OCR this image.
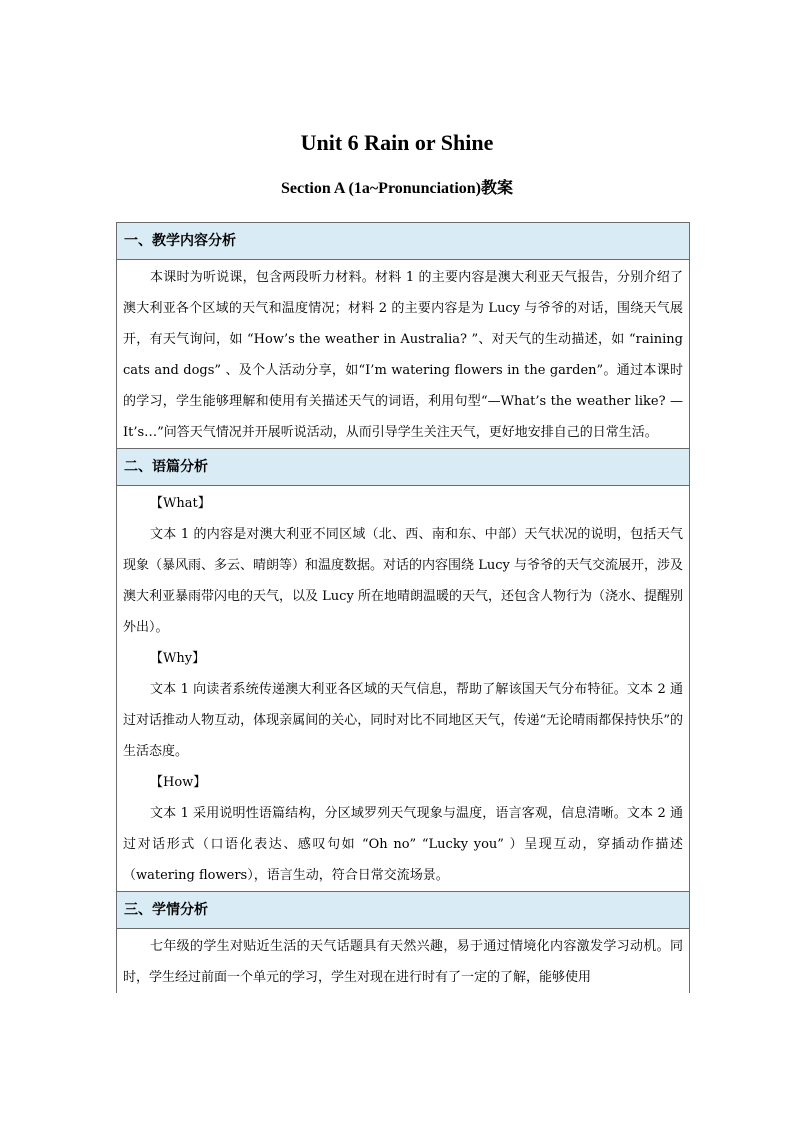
Unit 6 Rain or Shine
Section A (1a~Pronunciation)教案
一、教学内容分析

本课时为听说课，包含两段听力材料。材料 1 的主要内容是澳大利亚天气报告，分别介绍了澳大利亚各个区域的天气和温度情况；材料 2 的主要内容是为 Lucy 与爷爷的对话，围绕天气展开，有天气询问，如 “How’s the weather in Australia? ”、对天气的生动描述，如 “raining cats and dogs” 、及个人活动分享，如“I’m watering flowers in the garden”。通过本课时的学习，学生能够理解和使用有关描述天气的词语，利用句型“—What’s the weather like? —It’s…”问答天气情况并开展听说活动，从而引导学生关注天气，更好地安排自己的日常生活。

二、语篇分析

【What】

文本 1 的内容是对澳大利亚不同区域（北、西、南和东、中部）天气状况的说明，包括天气现象（暴风雨、多云、晴朗等）和温度数据。对话的内容围绕 Lucy 与爷爷的天气交流展开，涉及澳大利亚暴雨带闪电的天气，以及 Lucy 所在地晴朗温暖的天气，还包含人物行为（浇水、提醒别外出）。

【Why】

文本 1 向读者系统传递澳大利亚各区域的天气信息，帮助了解该国天气分布特征。文本 2 通过对话推动人物互动，体现亲属间的关心，同时对比不同地区天气，传递“无论晴雨都保持快乐”的生活态度。

【How】

文本 1 采用说明性语篇结构，分区域罗列天气现象与温度，语言客观，信息清晰。文本 2 通过对话形式（口语化表达、感叹句如 “Oh no” “Lucky you” ）呈现互动，穿插动作描述（watering flowers），语言生动，符合日常交流场景。

三、学情分析

七年级的学生对贴近生活的天气话题具有天然兴趣，易于通过情境化内容激发学习动机。同时，学生经过前面一个单元的学习，学生对现在进行时有了一定的了解，能够使用
